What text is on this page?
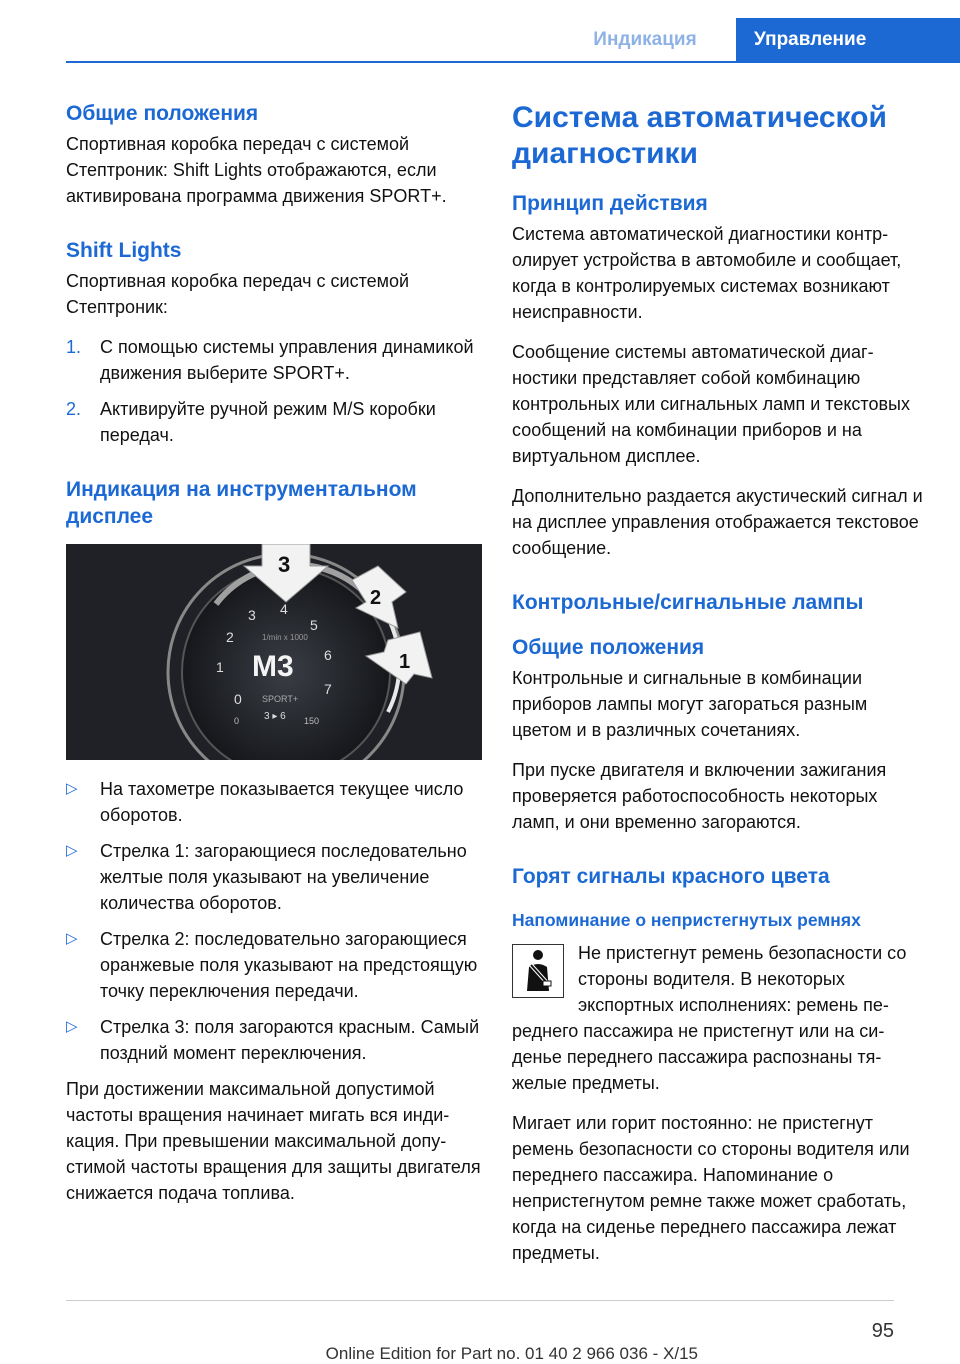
Индикация	Управление
Общие положения

Спортивная коробка передач с системой Стептроник: Shift Lights отображаются, если активирована программа движения SPORT+.

Shift Lights

Спортивная коробка передач с системой Стептроник:

1. С помощью системы управления динамикой движения выберите SPORT+.
2. Активируйте ручной режим M/S коробки передач.
Индикация на инструментальном дисплее
0
1
2
3 4
5
6
7
1/min x 1000
M3
SPORT+
3 ▸ 6
0	150
3
2
1
▷ На тахометре показывается текущее число оборотов.
▷ Стрелка 1: загорающиеся последовательно желтые поля указывают на увеличение количества оборотов.
▷ Стрелка 2: последовательно загорающиеся оранжевые поля указывают на предстоящую точку переключения передачи.
▷ Стрелка 3: поля загораются красным. Самый поздний момент переключения.

При достижении максимальной допустимой частоты вращения начинает мигать вся индикация. При превышении максимальной допустимой частоты вращения для защиты двигателя снижается подача топлива.

Система автоматической диагностики
Принцип действия

Система автоматической диагностики контролирует устройства в автомобиле и сообщает, когда в контролируемых системах возникают неисправности.

Сообщение системы автоматической диагностики представляет собой комбинацию контрольных или сигнальных ламп и текстовых сообщений на комбинации приборов и на виртуальном дисплее.

Дополнительно раздается акустический сигнал и на дисплее управления отображается текстовое сообщение.

Контрольные/сигнальные лампы
Общие положения

Контрольные и сигнальные в комбинации приборов лампы могут загораться разным цветом и в различных сочетаниях.

При пуске двигателя и включении зажигания проверяется работоспособность некоторых ламп, и они временно загораются.

Горят сигналы красного цвета
Напоминание о непристегнутых ремнях

Не пристегнут ремень безопасности со стороны водителя. В некоторых экспортных исполнениях: ремень переднего пассажира не пристегнут или на сиденье переднего пассажира распознаны тяжелые предметы.

Мигает или горит постоянно: не пристегнут ремень безопасности со стороны водителя или переднего пассажира. Напоминание о непристегнутом ремне также может сработать, когда на сиденье переднего пассажира лежат предметы.

95
Online Edition for Part no. 01 40 2 966 036 - X/15
